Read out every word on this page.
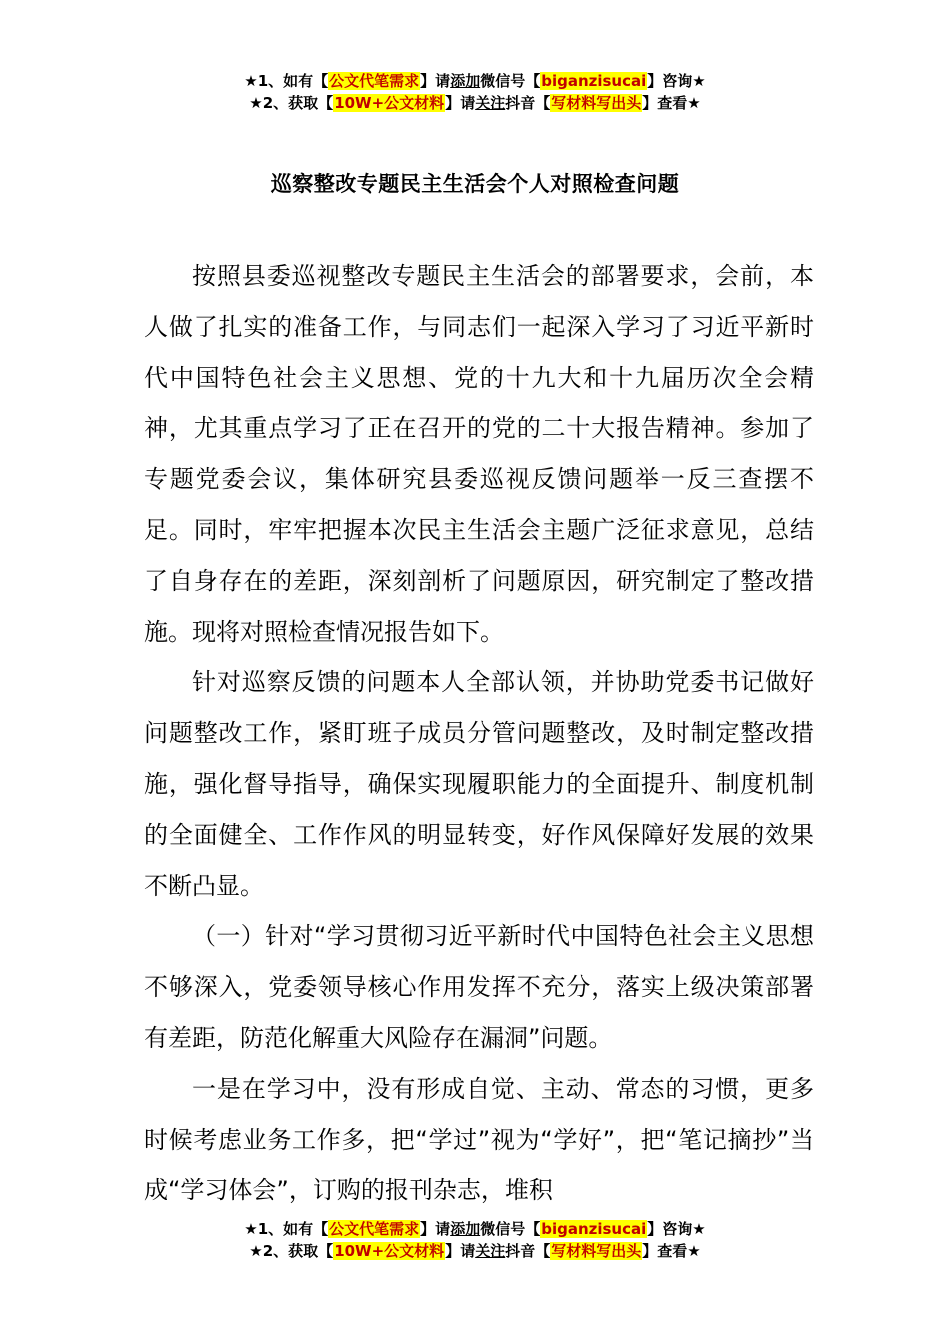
★1、如有【公文代笔需求】请添加微信号【biganzisucai】咨询★
★2、获取【10W+公文材料】请关注抖音【写材料写出头】查看★
巡察整改专题民主生活会个人对照检查问题

按照县委巡视整改专题民主生活会的部署要求，会前，本人做了扎实的准备工作，与同志们一起深入学习了习近平新时代中国特色社会主义思想、党的十九大和十九届历次全会精神，尤其重点学习了正在召开的党的二十大报告精神。参加了专题党委会议，集体研究县委巡视反馈问题举一反三查摆不足。同时，牢牢把握本次民主生活会主题广泛征求意见，总结了自身存在的差距，深刻剖析了问题原因，研究制定了整改措施。现将对照检查情况报告如下。

针对巡察反馈的问题本人全部认领，并协助党委书记做好问题整改工作，紧盯班子成员分管问题整改，及时制定整改措施，强化督导指导，确保实现履职能力的全面提升、制度机制的全面健全、工作作风的明显转变，好作风保障好发展的效果不断凸显。

（一）针对“学习贯彻习近平新时代中国特色社会主义思想不够深入，党委领导核心作用发挥不充分，落实上级决策部署有差距，防范化解重大风险存在漏洞”问题。

一是在学习中，没有形成自觉、主动、常态的习惯，更多时候考虑业务工作多，把“学过”视为“学好”，把“笔记摘抄”当成“学习体会”，订购的报刊杂志，堆积

★1、如有【公文代笔需求】请添加微信号【biganzisucai】咨询★
★2、获取【10W+公文材料】请关注抖音【写材料写出头】查看★
